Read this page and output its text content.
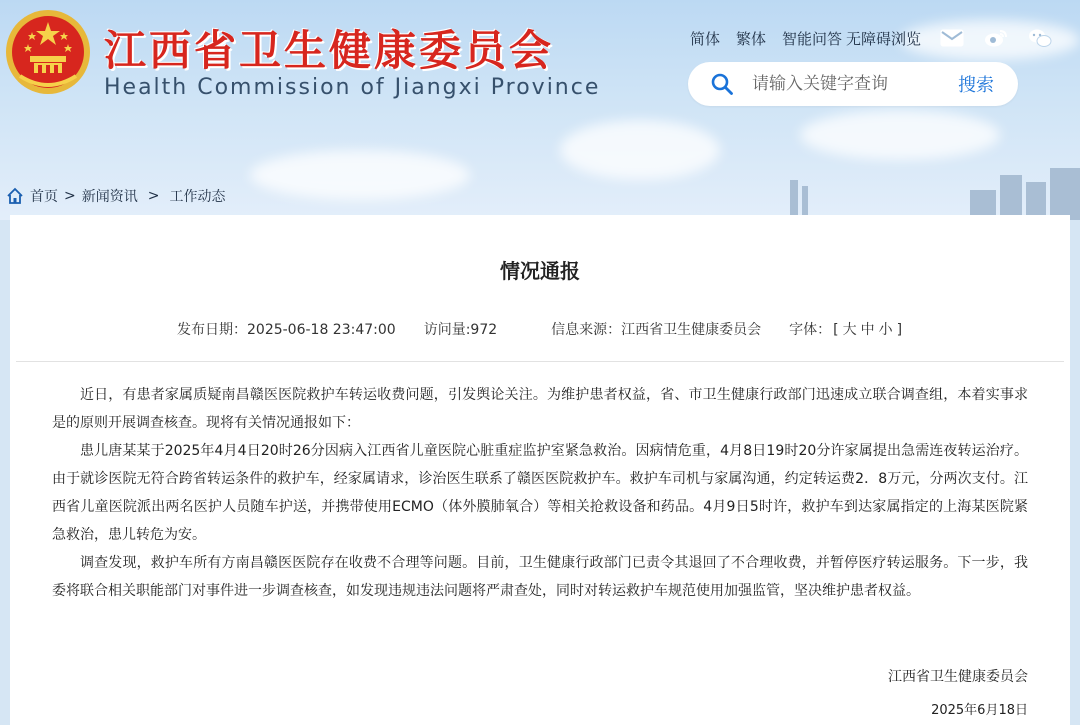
江西省卫生健康委员会
Health Commission of Jiangxi Province
简体 繁体 智能问答 无障碍浏览
请输入关键字查询
搜索
首页 > 新闻资讯 > 工作动态
情况通报
发布日期：2025-06-18 23:47:00 访问量:972	信息来源：江西省卫生健康委员会 字体： [ 大 中 小 ]

近日，有患者家属质疑南昌赣医医院救护车转运收费问题，引发舆论关注。为维护患者权益，省、市卫生健康行政部门迅速成立联合调查组，本着实事求是的原则开展调查核查。现将有关情况通报如下：

患儿唐某某于2025年4月4日20时26分因病入江西省儿童医院心脏重症监护室紧急救治。因病情危重，4月8日19时20分许家属提出急需连夜转运治疗。由于就诊医院无符合跨省转运条件的救护车，经家属请求，诊治医生联系了赣医医院救护车。救护车司机与家属沟通，约定转运费2．8万元，分两次支付。江西省儿童医院派出两名医护人员随车护送，并携带使用ECMO（体外膜肺氧合）等相关抢救设备和药品。4月9日5时许，救护车到达家属指定的上海某医院紧急救治，患儿转危为安。

调查发现，救护车所有方南昌赣医医院存在收费不合理等问题。目前，卫生健康行政部门已责令其退回了不合理收费，并暂停医疗转运服务。下一步，我委将联合相关职能部门对事件进一步调查核查，如发现违规违法问题将严肃查处，同时对转运救护车规范使用加强监管，坚决维护患者权益。

江西省卫生健康委员会
2025年6月18日
